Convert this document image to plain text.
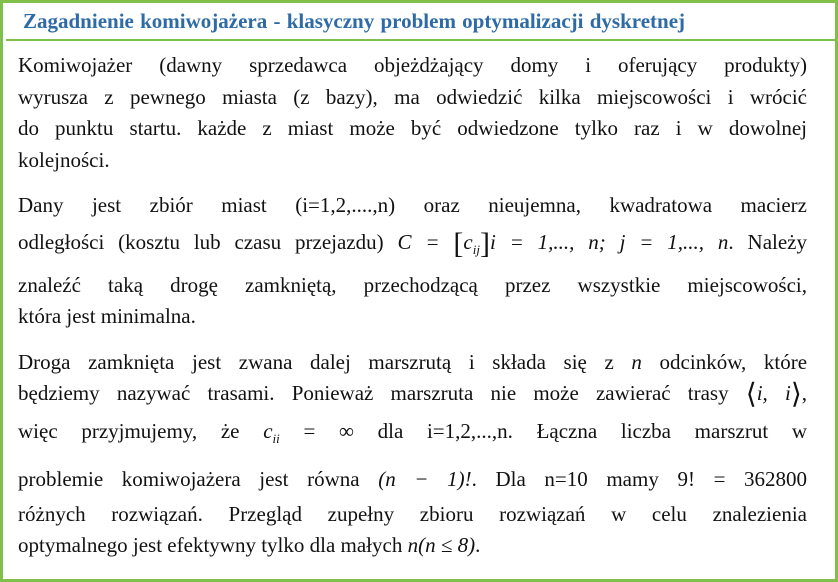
Zagadnienie komiwojażera - klasyczny problem optymalizacji dyskretnej

Komiwojażer (dawny sprzedawca objeżdżający domy i oferujący produkty)
wyrusza z pewnego miasta (z bazy), ma odwiedzić kilka miejscowości i wrócić
do punktu startu. każde z miast może być odwiedzone tylko raz i w dowolnej
kolejności.

Dany jest zbiór miast (i=1,2,....,n) oraz nieujemna, kwadratowa macierz
odległości (kosztu lub czasu przejazdu) $C = [c_{ij}]i = 1$,..., n; j = 1,..., n. Należy
znaleźć taką drogę zamkniętą, przechodzącą przez wszystkie miejscowości,
która jest minimalna.

Droga zamknięta jest zwana dalej marszrutą i składa się z n odcinków, które
będziemy nazywać trasami. Ponieważ marszruta nie może zawierać trasy ⟨i, i⟩,
więc przyjmujemy, że $c_{ii}$ = ∞ dla i=1,2,...,n. Łączna liczba marszrut w
problemie komiwojażera jest równa (n − 1)!. Dla n=10 mamy 9! = 362800
różnych rozwiązań. Przegląd zupełny zbioru rozwiązań w celu znalezienia
optymalnego jest efektywny tylko dla małych n(n ≤ 8).
